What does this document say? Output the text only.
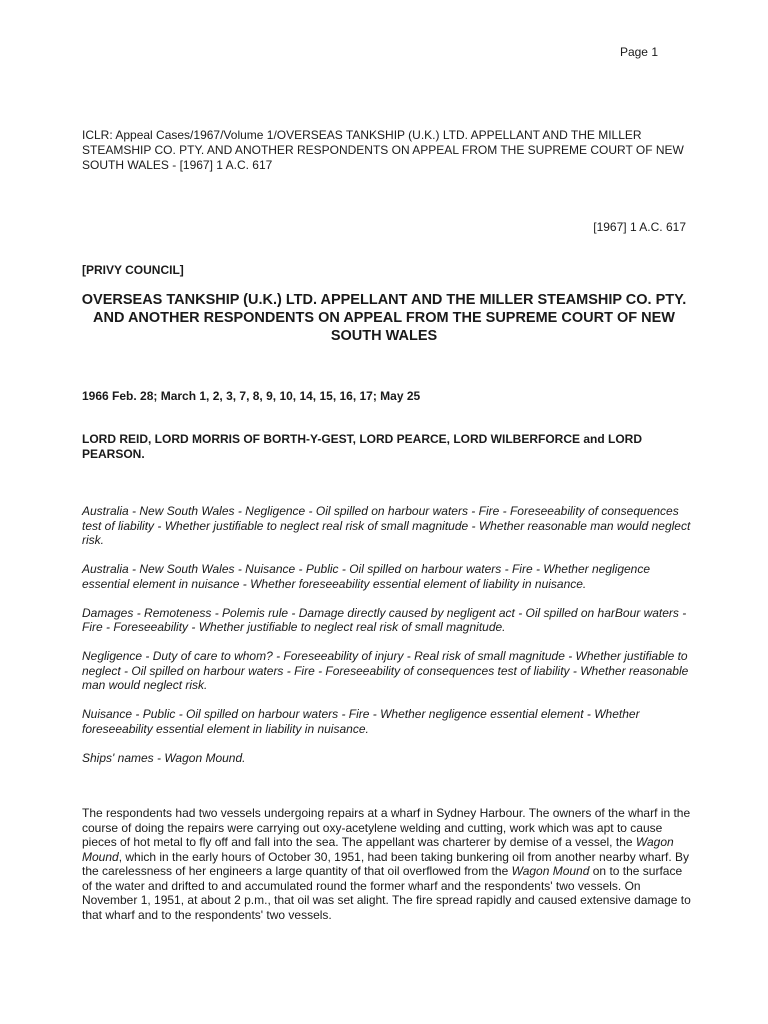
Page 1
ICLR: Appeal Cases/1967/Volume 1/OVERSEAS TANKSHIP (U.K.) LTD. APPELLANT AND THE MILLER STEAMSHIP CO. PTY. AND ANOTHER RESPONDENTS ON APPEAL FROM THE SUPREME COURT OF NEW SOUTH WALES - [1967] 1 A.C. 617
[1967] 1 A.C. 617
[PRIVY COUNCIL]
OVERSEAS TANKSHIP (U.K.) LTD. APPELLANT AND THE MILLER STEAMSHIP CO. PTY. AND ANOTHER RESPONDENTS ON APPEAL FROM THE SUPREME COURT OF NEW SOUTH WALES
1966 Feb. 28; March 1, 2, 3, 7, 8, 9, 10, 14, 15, 16, 17; May 25
LORD REID, LORD MORRIS OF BORTH-Y-GEST, LORD PEARCE, LORD WILBERFORCE and LORD PEARSON.

Australia - New South Wales - Negligence - Oil spilled on harbour waters - Fire - Foreseeability of consequences test of liability - Whether justifiable to neglect real risk of small magnitude - Whether reasonable man would neglect risk.

Australia - New South Wales - Nuisance - Public - Oil spilled on harbour waters - Fire - Whether negligence essential element in nuisance - Whether foreseeability essential element of liability in nuisance.

Damages - Remoteness - Polemis rule - Damage directly caused by negligent act - Oil spilled on harBour waters - Fire - Foreseeability - Whether justifiable to neglect real risk of small magnitude.

Negligence - Duty of care to whom? - Foreseeability of injury - Real risk of small magnitude - Whether justifiable to neglect - Oil spilled on harbour waters - Fire - Foreseeability of consequences test of liability - Whether reasonable man would neglect risk.

Nuisance - Public - Oil spilled on harbour waters - Fire - Whether negligence essential element - Whether foreseeability essential element in liability in nuisance.

Ships' names - Wagon Mound.

The respondents had two vessels undergoing repairs at a wharf in Sydney Harbour. The owners of the wharf in the course of doing the repairs were carrying out oxy-acetylene welding and cutting, work which was apt to cause pieces of hot metal to fly off and fall into the sea. The appellant was charterer by demise of a vessel, the Wagon Mound, which in the early hours of October 30, 1951, had been taking bunkering oil from another nearby wharf. By the carelessness of her engineers a large quantity of that oil overflowed from the Wagon Mound on to the surface of the water and drifted to and accumulated round the former wharf and the respondents' two vessels. On November 1, 1951, at about 2 p.m., that oil was set alight. The fire spread rapidly and caused extensive damage to that wharf and to the respondents' two vessels.
